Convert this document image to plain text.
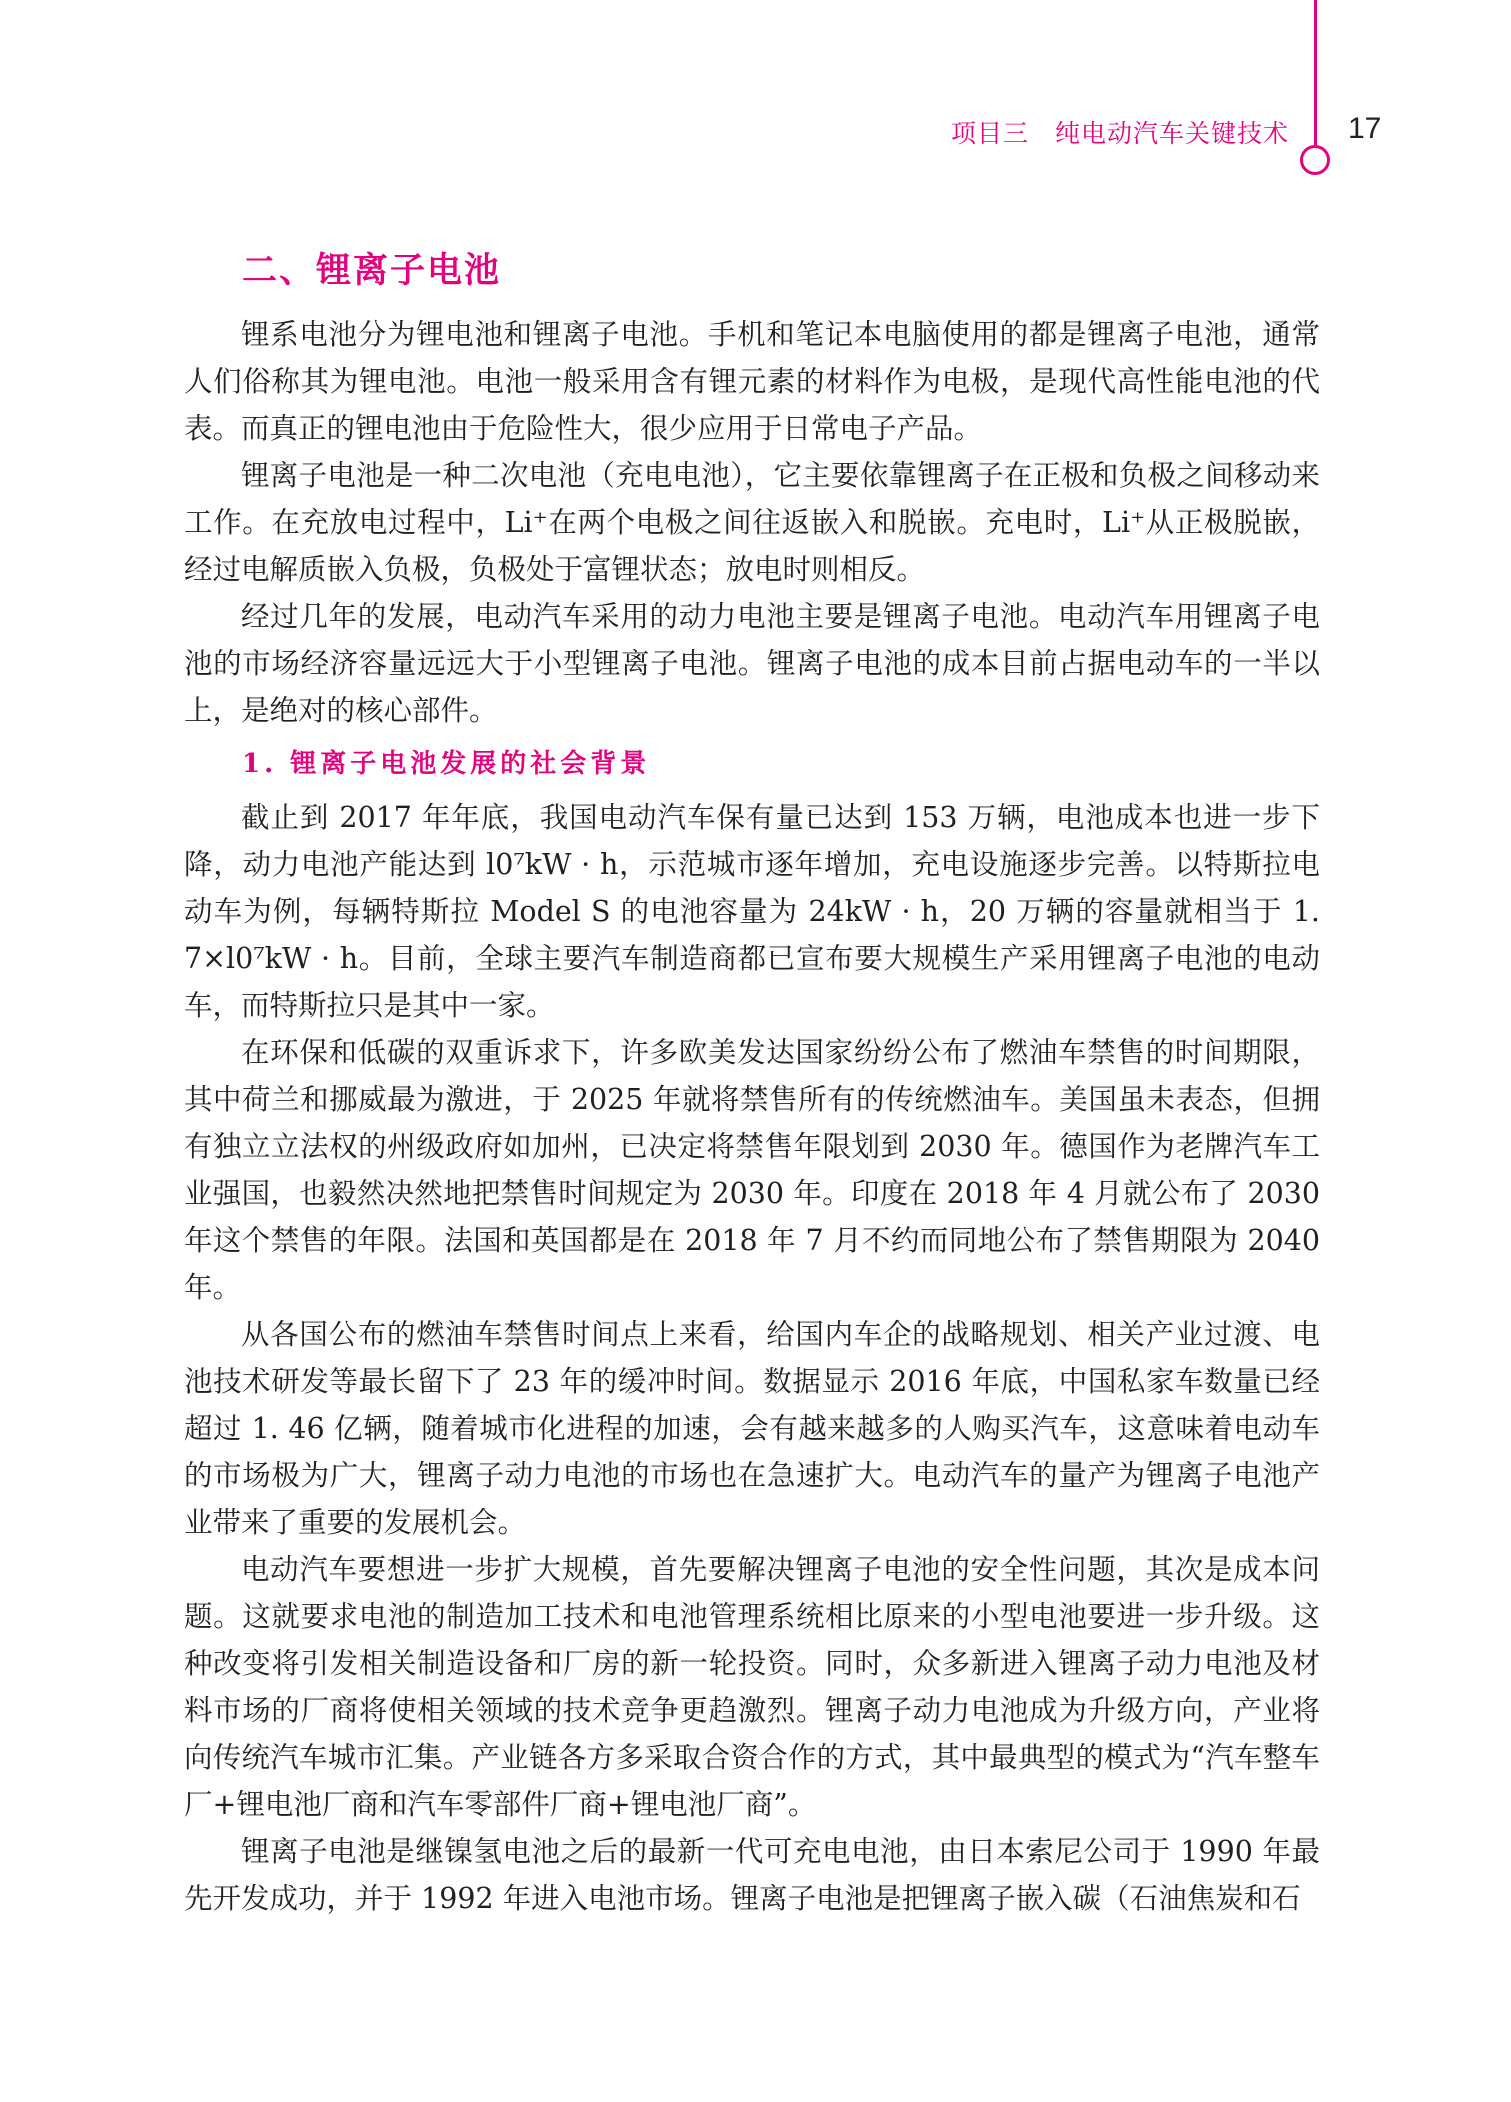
项目三　纯电动汽车关键技术 17
二、锂离子电池

锂系电池分为锂电池和锂离子电池。手机和笔记本电脑使用的都是锂离子电池，通常人们俗称其为锂电池。电池一般采用含有锂元素的材料作为电极，是现代高性能电池的代表。而真正的锂电池由于危险性大，很少应用于日常电子产品。

锂离子电池是一种二次电池（充电电池），它主要依靠锂离子在正极和负极之间移动来工作。在充放电过程中，Li⁺在两个电极之间往返嵌入和脱嵌。充电时，Li⁺从正极脱嵌，经过电解质嵌入负极，负极处于富锂状态；放电时则相反。

经过几年的发展，电动汽车采用的动力电池主要是锂离子电池。电动汽车用锂离子电池的市场经济容量远远大于小型锂离子电池。锂离子电池的成本目前占据电动车的一半以上，是绝对的核心部件。

1. 锂离子电池发展的社会背景

截止到 2017 年年底，我国电动汽车保有量已达到 153 万辆，电池成本也进一步下降，动力电池产能达到 l0⁷kW · h，示范城市逐年增加，充电设施逐步完善。以特斯拉电动车为例，每辆特斯拉 Model S 的电池容量为 24kW · h，20 万辆的容量就相当于 1. 7×l0⁷kW · h。目前，全球主要汽车制造商都已宣布要大规模生产采用锂离子电池的电动车，而特斯拉只是其中一家。

在环保和低碳的双重诉求下，许多欧美发达国家纷纷公布了燃油车禁售的时间期限，其中荷兰和挪威最为激进，于 2025 年就将禁售所有的传统燃油车。美国虽未表态，但拥有独立立法权的州级政府如加州，已决定将禁售年限划到 2030 年。德国作为老牌汽车工业强国，也毅然决然地把禁售时间规定为 2030 年。印度在 2018 年 4 月就公布了 2030 年这个禁售的年限。法国和英国都是在 2018 年 7 月不约而同地公布了禁售期限为 2040 年。

从各国公布的燃油车禁售时间点上来看，给国内车企的战略规划、相关产业过渡、电池技术研发等最长留下了 23 年的缓冲时间。数据显示 2016 年底，中国私家车数量已经超过 1. 46 亿辆，随着城市化进程的加速，会有越来越多的人购买汽车，这意味着电动车的市场极为广大，锂离子动力电池的市场也在急速扩大。电动汽车的量产为锂离子电池产业带来了重要的发展机会。

电动汽车要想进一步扩大规模，首先要解决锂离子电池的安全性问题，其次是成本问题。这就要求电池的制造加工技术和电池管理系统相比原来的小型电池要进一步升级。这种改变将引发相关制造设备和厂房的新一轮投资。同时，众多新进入锂离子动力电池及材料市场的厂商将使相关领域的技术竞争更趋激烈。锂离子动力电池成为升级方向，产业将向传统汽车城市汇集。产业链各方多采取合资合作的方式，其中最典型的模式为“汽车整车厂+锂电池厂商和汽车零部件厂商+锂电池厂商”。

锂离子电池是继镍氢电池之后的最新一代可充电电池，由日本索尼公司于 1990 年最先开发成功，并于 1992 年进入电池市场。锂离子电池是把锂离子嵌入碳（石油焦炭和石
